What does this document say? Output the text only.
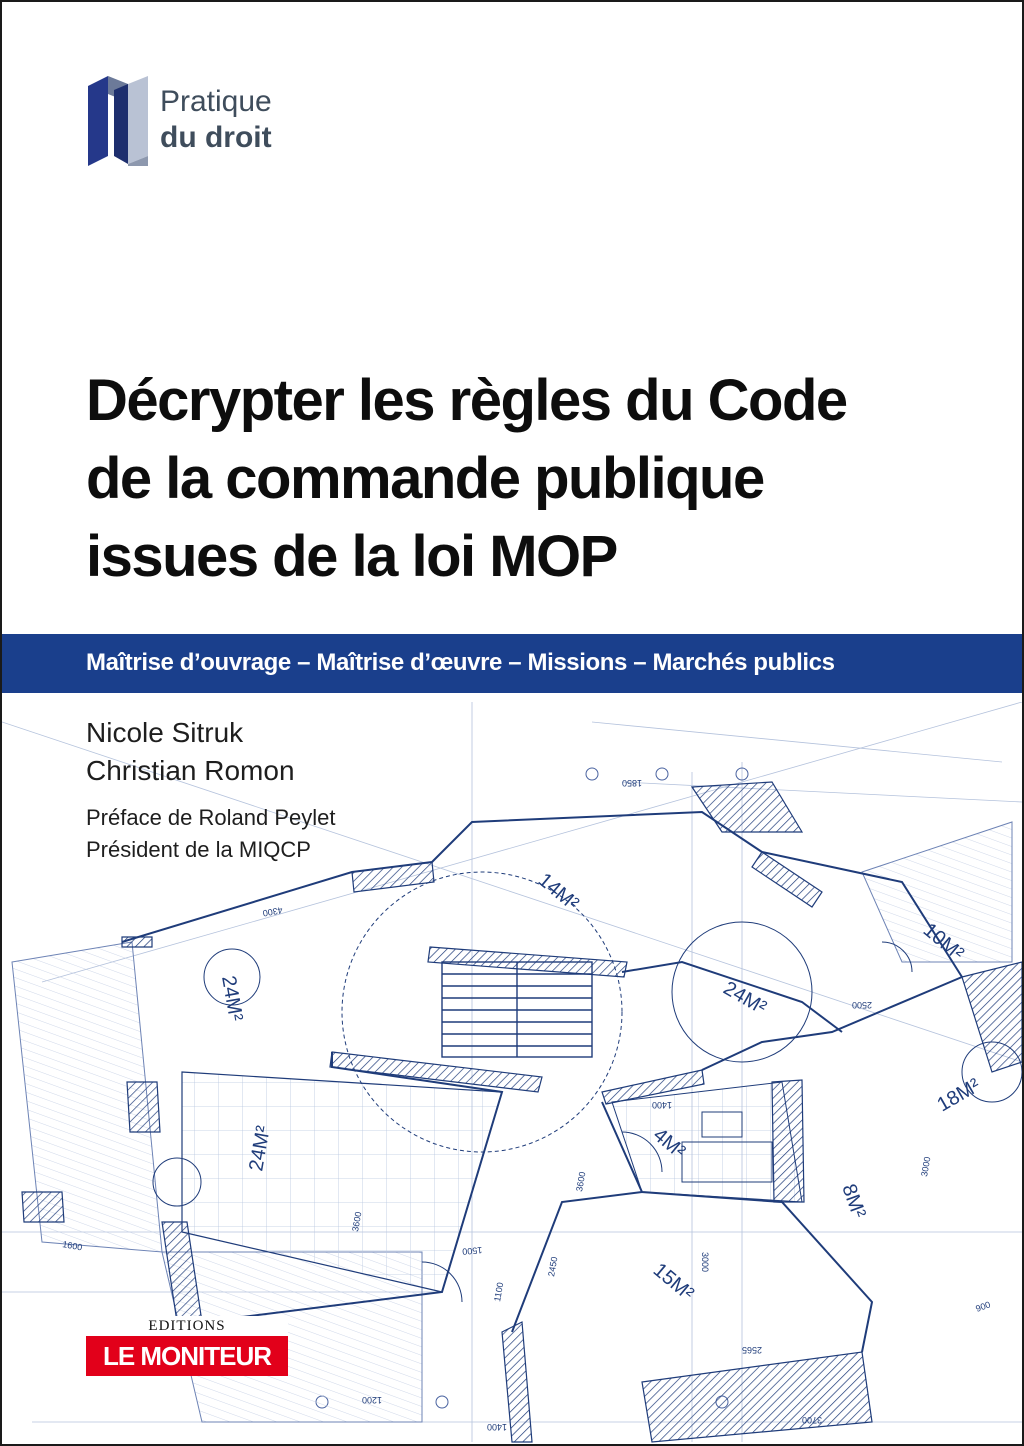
Pratique
du droit
Décrypter les règles du Code
de la commande publique
issues de la loi MOP
Maîtrise d’ouvrage – Maîtrise d’œuvre – Missions – Marchés publics
24M²	24M²
24M²
14M²
4M²
18M²
8M²
15M²
10M²
1600
3600
1850
4300
1500
1100
3600
1400
2450	3000
2565
1200
1400
3700
900
2500
3000
Nicole Sitruk
Christian Romon
Préface de Roland Peylet
Président de la MIQCP
EDITIONS
LE MONITEUR
